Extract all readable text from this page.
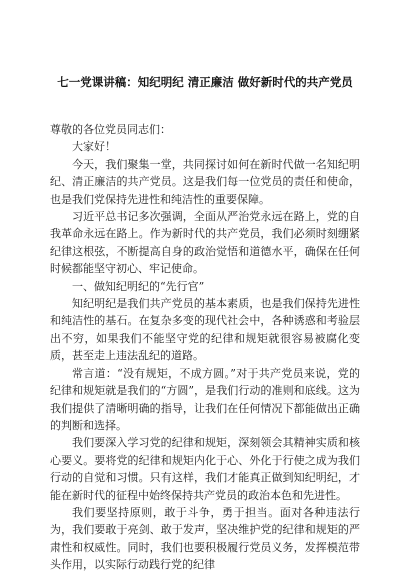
七一党课讲稿：知纪明纪 清正廉洁 做好新时代的共产党员

尊敬的各位党员同志们：

大家好！

今天，我们聚集一堂，共同探讨如何在新时代做一名知纪明纪、清正廉洁的共产党员。这是我们每一位党员的责任和使命，也是我们党保持先进性和纯洁性的重要保障。

习近平总书记多次强调，全面从严治党永远在路上，党的自我革命永远在路上。作为新时代的共产党员，我们必须时刻绷紧纪律这根弦，不断提高自身的政治觉悟和道德水平，确保在任何时候都能坚守初心、牢记使命。

一、做知纪明纪的“先行官”

知纪明纪是我们共产党员的基本素质，也是我们保持先进性和纯洁性的基石。在复杂多变的现代社会中，各种诱惑和考验层出不穷，如果我们不能坚守党的纪律和规矩就很容易被腐化变质，甚至走上违法乱纪的道路。

常言道：“没有规矩，不成方圆。”对于共产党员来说，党的纪律和规矩就是我们的“方圆”，是我们行动的准则和底线。这为我们提供了清晰明确的指导，让我们在任何情况下都能做出正确的判断和选择。

我们要深入学习党的纪律和规矩，深刻领会其精神实质和核心要义。要将党的纪律和规矩内化于心、外化于行使之成为我们行动的自觉和习惯。只有这样，我们才能真正做到知纪明纪，才能在新时代的征程中始终保持共产党员的政治本色和先进性。

我们要坚持原则，敢于斗争，勇于担当。面对各种违法行为，我们要敢于亮剑、敢于发声，坚决维护党的纪律和规矩的严肃性和权威性。同时，我们也要积极履行党员义务，发挥模范带头作用，以实际行动践行党的纪律
